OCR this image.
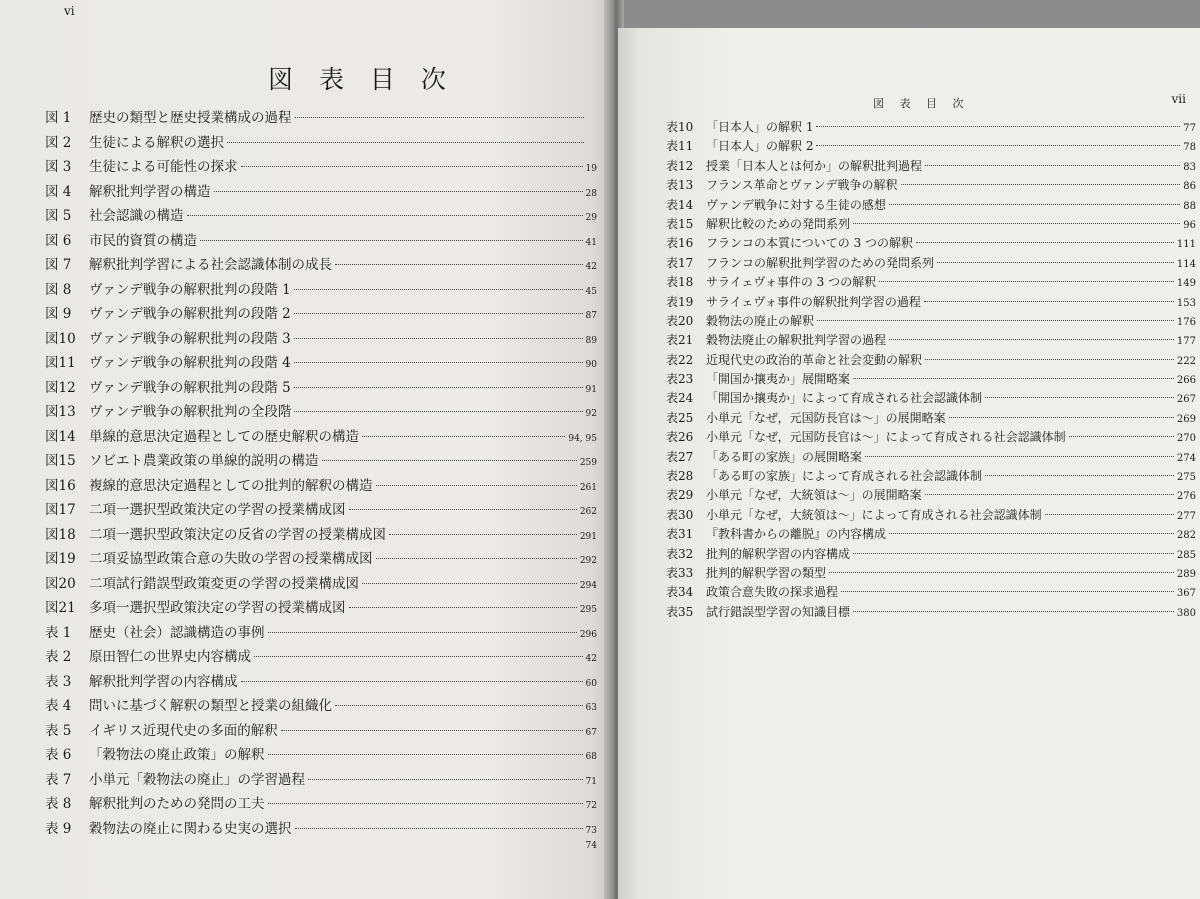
vi
図 表 目 次
図 1	歴史の類型と歴史授業構成の過程
図 2	生徒による解釈の選択
図 3	生徒による可能性の探求	19
図 4	解釈批判学習の構造	28
図 5	社会認識の構造	29
図 6	市民的資質の構造	41
図 7	解釈批判学習による社会認識体制の成長	42
図 8	ヴァンデ戦争の解釈批判の段階 1	45
図 9	ヴァンデ戦争の解釈批判の段階 2	87
図10 ヴァンデ戦争の解釈批判の段階 3	89
図11 ヴァンデ戦争の解釈批判の段階 4	90
図12 ヴァンデ戦争の解釈批判の段階 5	91
図13 ヴァンデ戦争の解釈批判の全段階	92
図14 単線的意思決定過程としての歴史解釈の構造	94, 95
図15 ソビエト農業政策の単線的説明の構造	259
図16 複線的意思決定過程としての批判的解釈の構造	261
図17 二項一選択型政策決定の学習の授業構成図	262
図18 二項一選択型政策決定の反省の学習の授業構成図	291
図19 二項妥協型政策合意の失敗の学習の授業構成図	292
図20 二項試行錯誤型政策変更の学習の授業構成図	294
図21 多項一選択型政策決定の学習の授業構成図	295
表 1	歴史（社会）認識構造の事例	296
表 2	原田智仁の世界史内容構成	42
表 3	解釈批判学習の内容構成	60
表 4	問いに基づく解釈の類型と授業の組織化	63
表 5	イギリス近現代史の多面的解釈	67
表 6	「穀物法の廃止政策」の解釈	68
表 7	小単元「穀物法の廃止」の学習過程	71
表 8	解釈批判のための発問の工夫	72
表 9	穀物法の廃止に関わる史実の選択	73
74
図 表 目 次	vii
表10	「日本人」の解釈 1	77
表11	「日本人」の解釈 2	78
表12	授業「日本人とは何か」の解釈批判過程	83
表13	フランス革命とヴァンデ戦争の解釈	86
表14	ヴァンデ戦争に対する生徒の感想	88
表15	解釈比較のための発問系列	96
表16	フランコの本質についての 3 つの解釈	111
表17	フランコの解釈批判学習のための発問系列	114
表18	サライェヴォ事件の 3 つの解釈	149
表19	サライェヴォ事件の解釈批判学習の過程	153
表20	穀物法の廃止の解釈	176
表21	穀物法廃止の解釈批判学習の過程	177
表22	近現代史の政治的革命と社会変動の解釈	222
表23	「開国か攘夷か」展開略案	266
表24	「開国か攘夷か」によって育成される社会認識体制	267
表25	小単元「なぜ，元国防長官は〜」の展開略案	269
表26	小単元「なぜ，元国防長官は〜」によって育成される社会認識体制	270
表27	「ある町の家族」の展開略案	274
表28	「ある町の家族」によって育成される社会認識体制	275
表29	小単元「なぜ，大統領は〜」の展開略案	276
表30	小単元「なぜ，大統領は〜」によって育成される社会認識体制	277
表31	『教科書からの離脱』の内容構成	282
表32	批判的解釈学習の内容構成	285
表33	批判的解釈学習の類型	289
表34	政策合意失敗の探求過程	367
表35	試行錯誤型学習の知識目標	380
